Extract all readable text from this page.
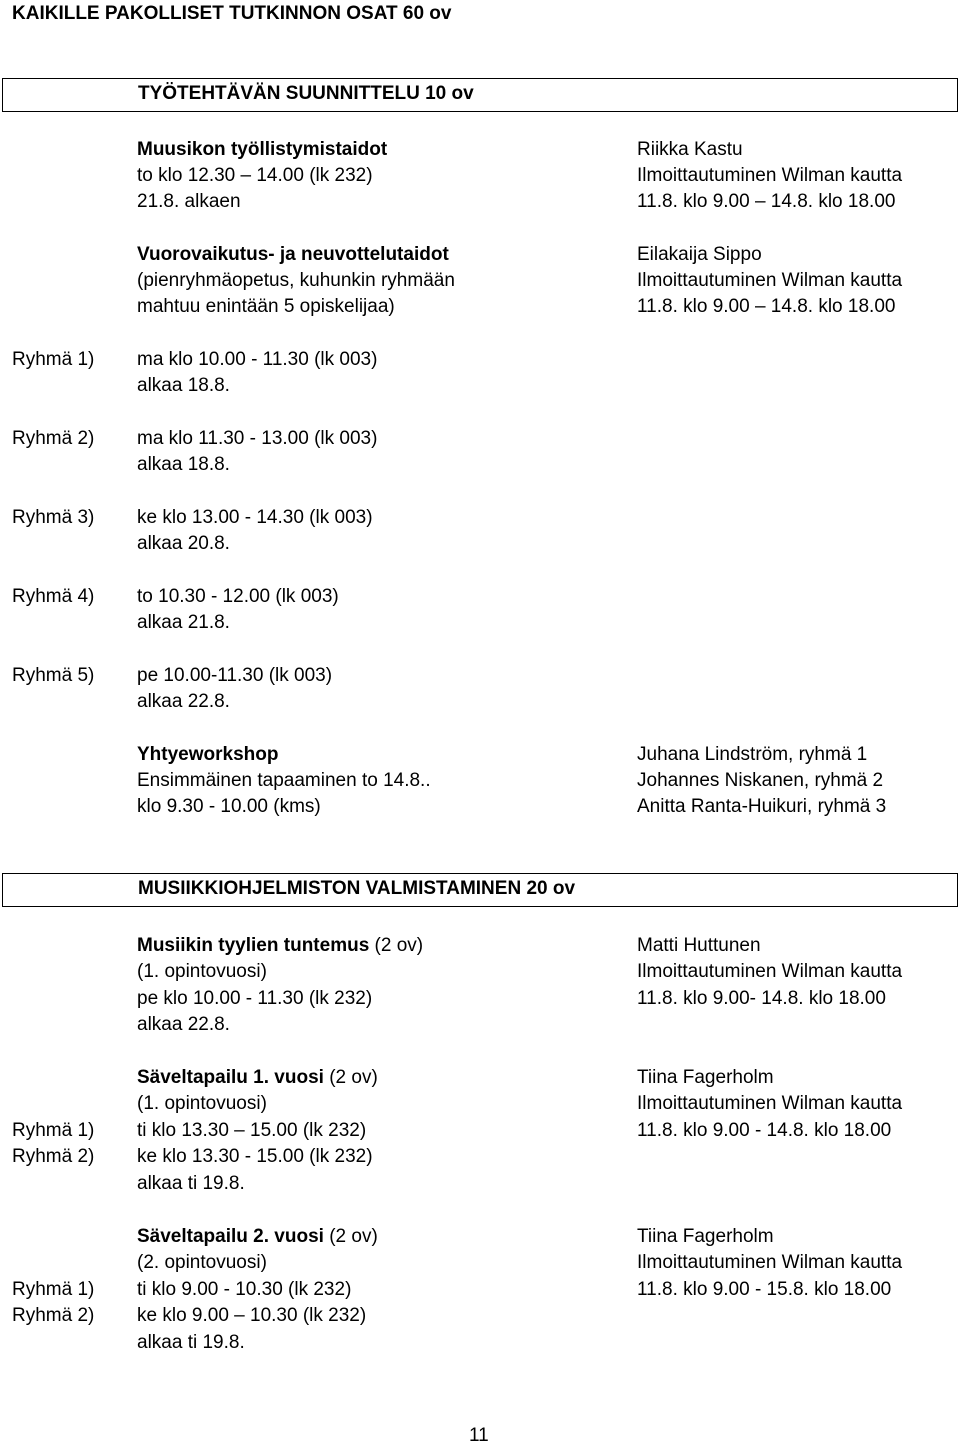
KAIKILLE PAKOLLISET TUTKINNON OSAT 60 ov
TYÖTEHTÄVÄN SUUNNITTELU 10 ov
Muusikon työllistymistaidot
to klo 12.30 – 14.00 (lk 232)
21.8. alkaen
Riikka Kastu
Ilmoittautuminen Wilman kautta
11.8. klo 9.00 – 14.8. klo 18.00
Vuorovaikutus- ja neuvottelutaidot
(pienryhmäopetus, kuhunkin ryhmään
mahtuu enintään 5 opiskelijaa)
Eilakaija Sippo
Ilmoittautuminen Wilman kautta
11.8. klo 9.00 – 14.8. klo 18.00
Ryhmä 1) ma klo 10.00 - 11.30 (lk 003)
alkaa 18.8.
Ryhmä 2) ma klo 11.30 - 13.00 (lk 003)
alkaa 18.8.
Ryhmä 3) ke klo 13.00 - 14.30 (lk 003)
alkaa 20.8.
Ryhmä 4) to 10.30 - 12.00 (lk 003)
alkaa 21.8.
Ryhmä 5) pe 10.00-11.30 (lk 003)
alkaa 22.8.
Yhtyeworkshop
Ensimmäinen tapaaminen to 14.8..
klo 9.30 - 10.00 (kms)
Juhana Lindström, ryhmä 1
Johannes Niskanen, ryhmä 2
Anitta Ranta-Huikuri, ryhmä 3
MUSIIKKIOHJELMISTON VALMISTAMINEN 20 ov
Musiikin tyylien tuntemus (2 ov)
(1. opintovuosi)
pe klo 10.00 - 11.30 (lk 232)
alkaa 22.8.
Matti Huttunen
Ilmoittautuminen Wilman kautta
11.8. klo 9.00- 14.8. klo 18.00
Säveltapailu 1. vuosi (2 ov)
(1. opintovuosi)
Ryhmä 1) ti klo 13.30 – 15.00 (lk 232)
Ryhmä 2) ke klo 13.30 - 15.00 (lk 232)
alkaa ti 19.8.
Tiina Fagerholm
Ilmoittautuminen Wilman kautta
11.8. klo 9.00 - 14.8. klo 18.00
Säveltapailu 2. vuosi (2 ov)
(2. opintovuosi)
Ryhmä 1) ti klo 9.00 - 10.30 (lk 232)
Ryhmä 2) ke klo 9.00 – 10.30 (lk 232)
alkaa ti 19.8.
Tiina Fagerholm
Ilmoittautuminen Wilman kautta
11.8. klo 9.00 - 15.8. klo 18.00
11
